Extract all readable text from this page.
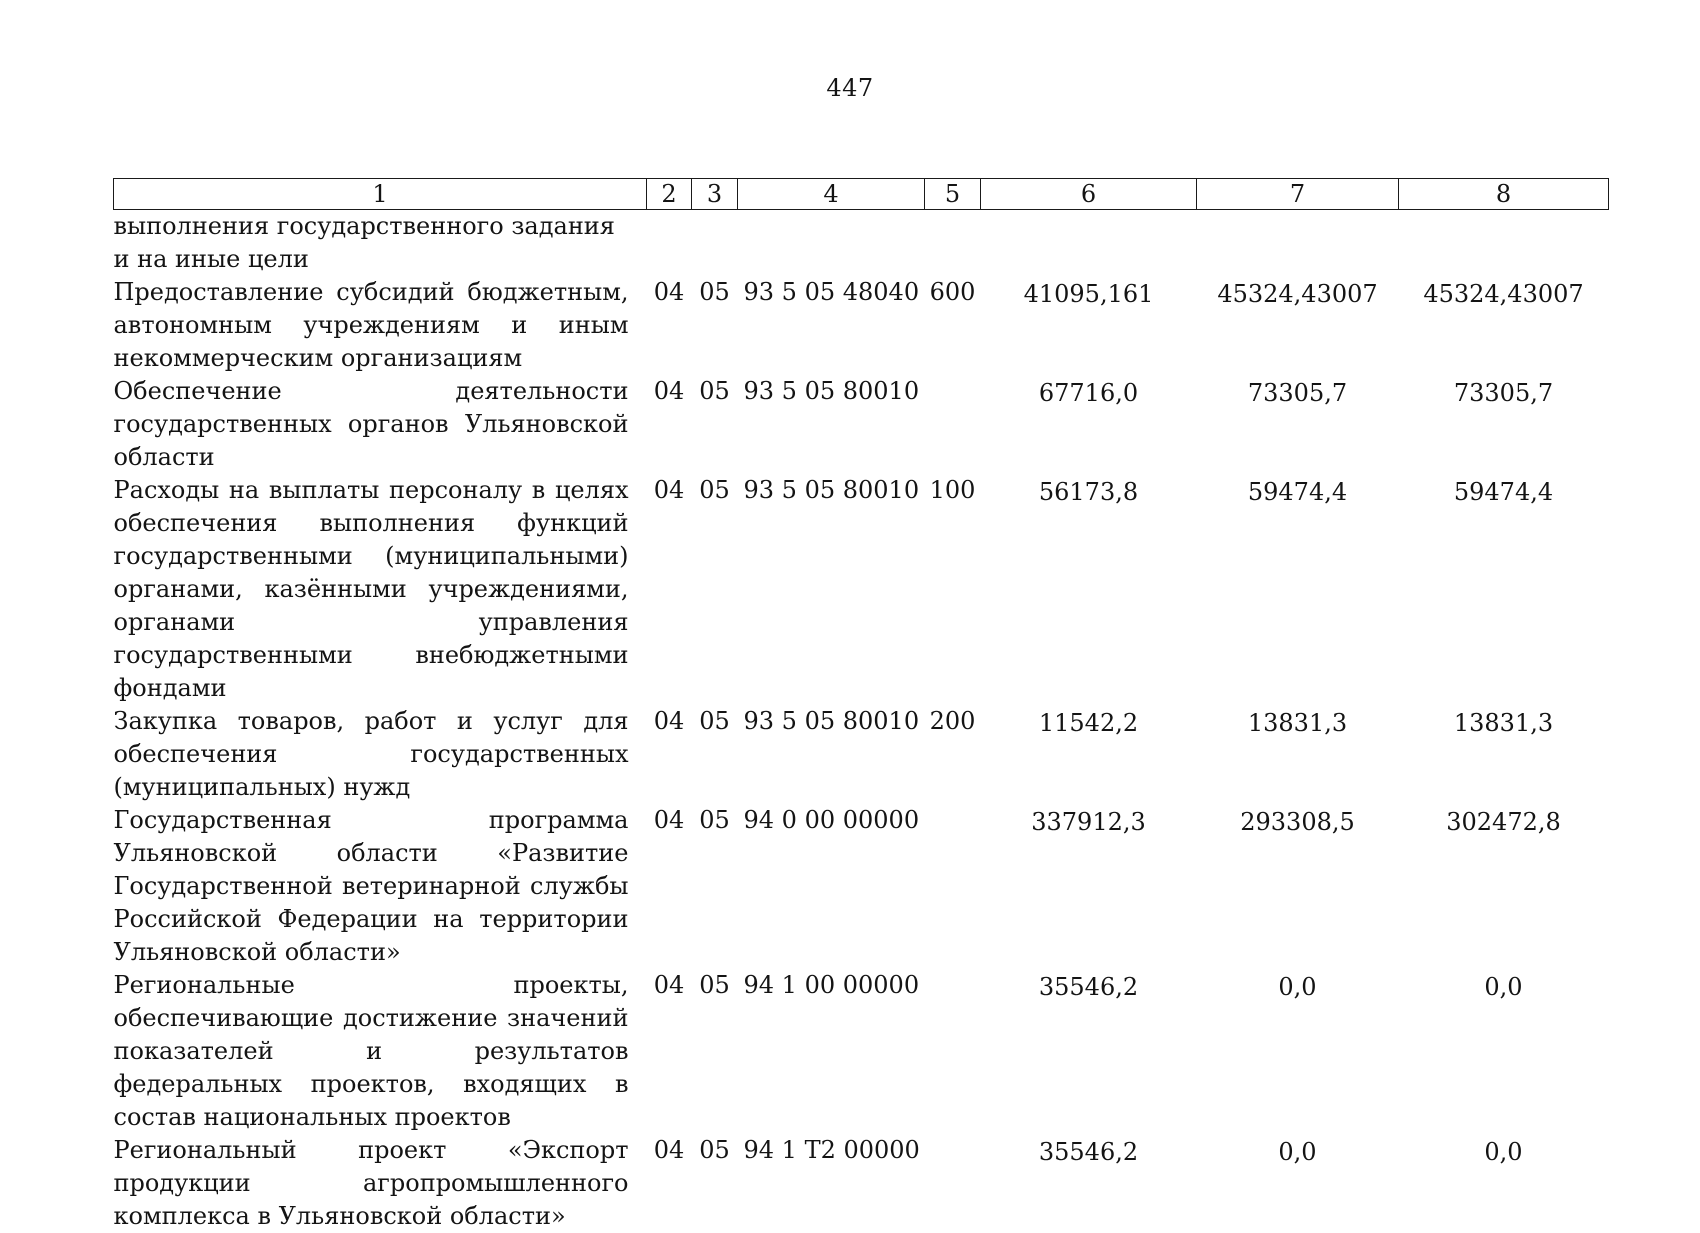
447
1	2	3	4	5	6	7	8
выполнения государственного задания и на иные цели							
Предоставление субсидий бюджетным, автономным учреждениям и иным некоммерческим организациям	04	05	93 5 05 48040	600	41095,161	45324,43007	45324,43007
Обеспечение деятельности государственных органов Ульяновской области	04	05	93 5 05 80010		67716,0	73305,7	73305,7
Расходы на выплаты персоналу в целях обеспечения выполнения функций государственными (муниципальными) органами, казёнными учреждениями, органами управления государственными внебюджетными фондами	04	05	93 5 05 80010	100	56173,8	59474,4	59474,4
Закупка товаров, работ и услуг для обеспечения государственных (муниципальных) нужд	04	05	93 5 05 80010	200	11542,2	13831,3	13831,3
Государственная программа Ульяновской области «Развитие Государственной ветеринарной службы Российской Федерации на территории Ульяновской области»	04	05	94 0 00 00000		337912,3	293308,5	302472,8
Региональные проекты, обеспечивающие достижение значений показателей и результатов федеральных проектов, входящих в состав национальных проектов	04	05	94 1 00 00000		35546,2	0,0	0,0
Региональный проект «Экспорт продукции агропромышленного комплекса в Ульяновской области»	04	05	94 1 T2 00000		35546,2	0,0	0,0
